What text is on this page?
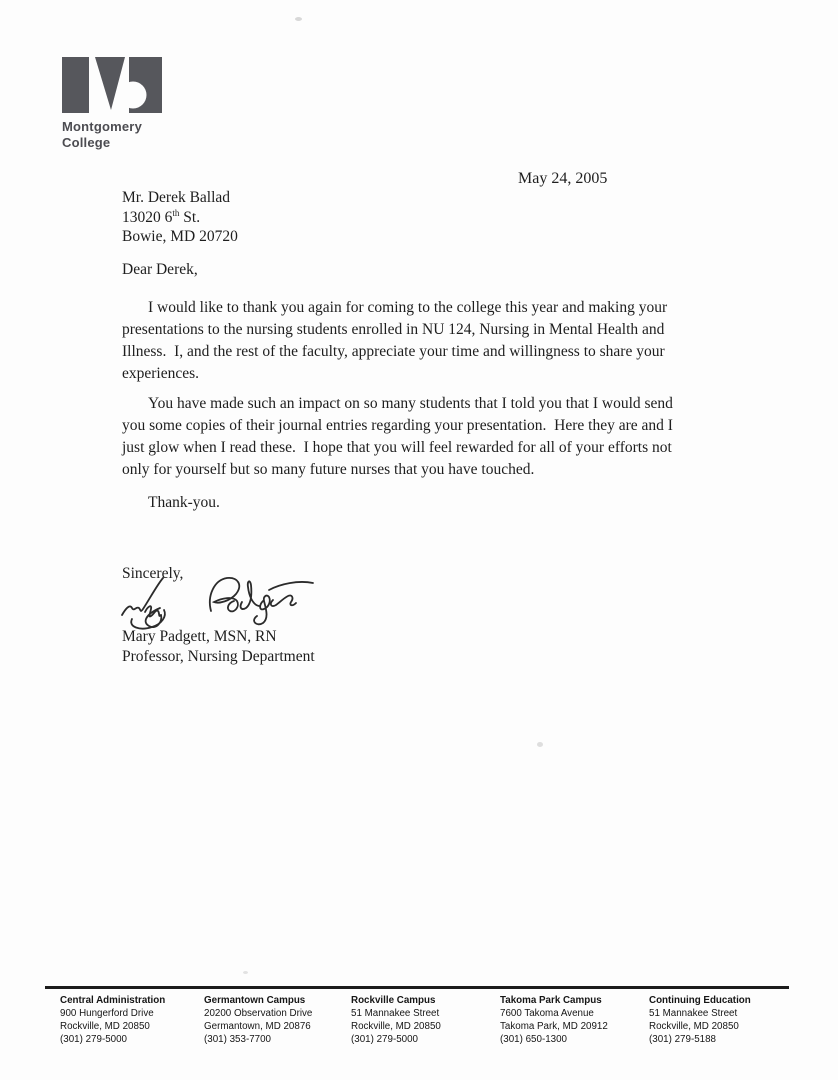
Montgomery
College
May 24, 2005
Mr. Derek Ballad
13020 6th St.
Bowie, MD 20720
Dear Derek,
I would like to thank you again for coming to the college this year and making your
presentations to the nursing students enrolled in NU 124, Nursing in Mental Health and
Illness.  I, and the rest of the faculty, appreciate your time and willingness to share your
experiences.
You have made such an impact on so many students that I told you that I would send
you some copies of their journal entries regarding your presentation.  Here they are and I
just glow when I read these.  I hope that you will feel rewarded for all of your efforts not
only for yourself but so many future nurses that you have touched.
Thank-you.
Sincerely,
Mary Padgett, MSN, RN
Professor, Nursing Department
Central Administration
900 Hungerford Drive
Rockville, MD 20850
(301) 279-5000
Germantown Campus
20200 Observation Drive
Germantown, MD 20876
(301) 353-7700
Rockville Campus
51 Mannakee Street
Rockville, MD 20850
(301) 279-5000
Takoma Park Campus
7600 Takoma Avenue
Takoma Park, MD 20912
(301) 650-1300
Continuing Education
51 Mannakee Street
Rockville, MD 20850
(301) 279-5188
